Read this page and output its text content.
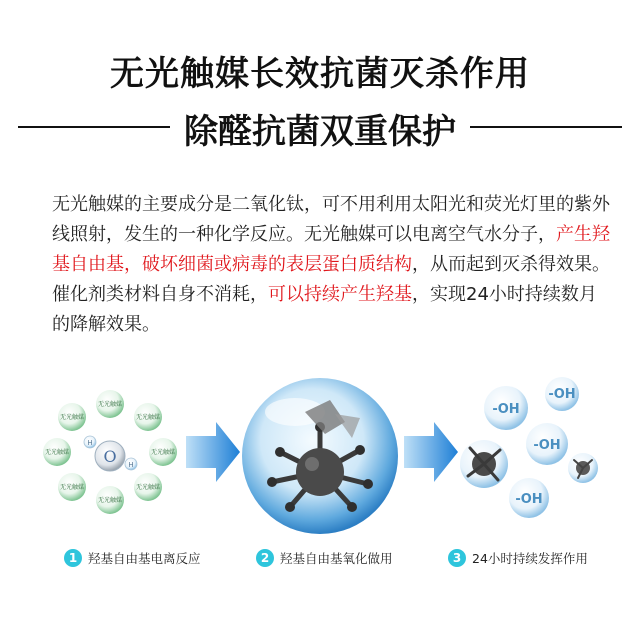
无光触媒长效抗菌灭杀作用
除醛抗菌双重保护

无光触媒的主要成分是二氧化钛，可不用利用太阳光和荧光灯里的紫外线照射，发生的一种化学反应。无光触媒可以电离空气水分子，产生羟基自由基，破坏细菌或病毒的表层蛋白质结构，从而起到灭杀得效果。催化剂类材料自身不消耗，可以持续产生羟基，实现24小时持续数月的降解效果。

无光触媒
无光触媒
无光触媒
无光触媒
无光触媒
无光触媒
无光触媒
无光触媒
O
H
H
-OH
-OH
-OH
-OH
1 羟基自由基电离反应	2 羟基自由基氧化做用	3 24小时持续发挥作用
